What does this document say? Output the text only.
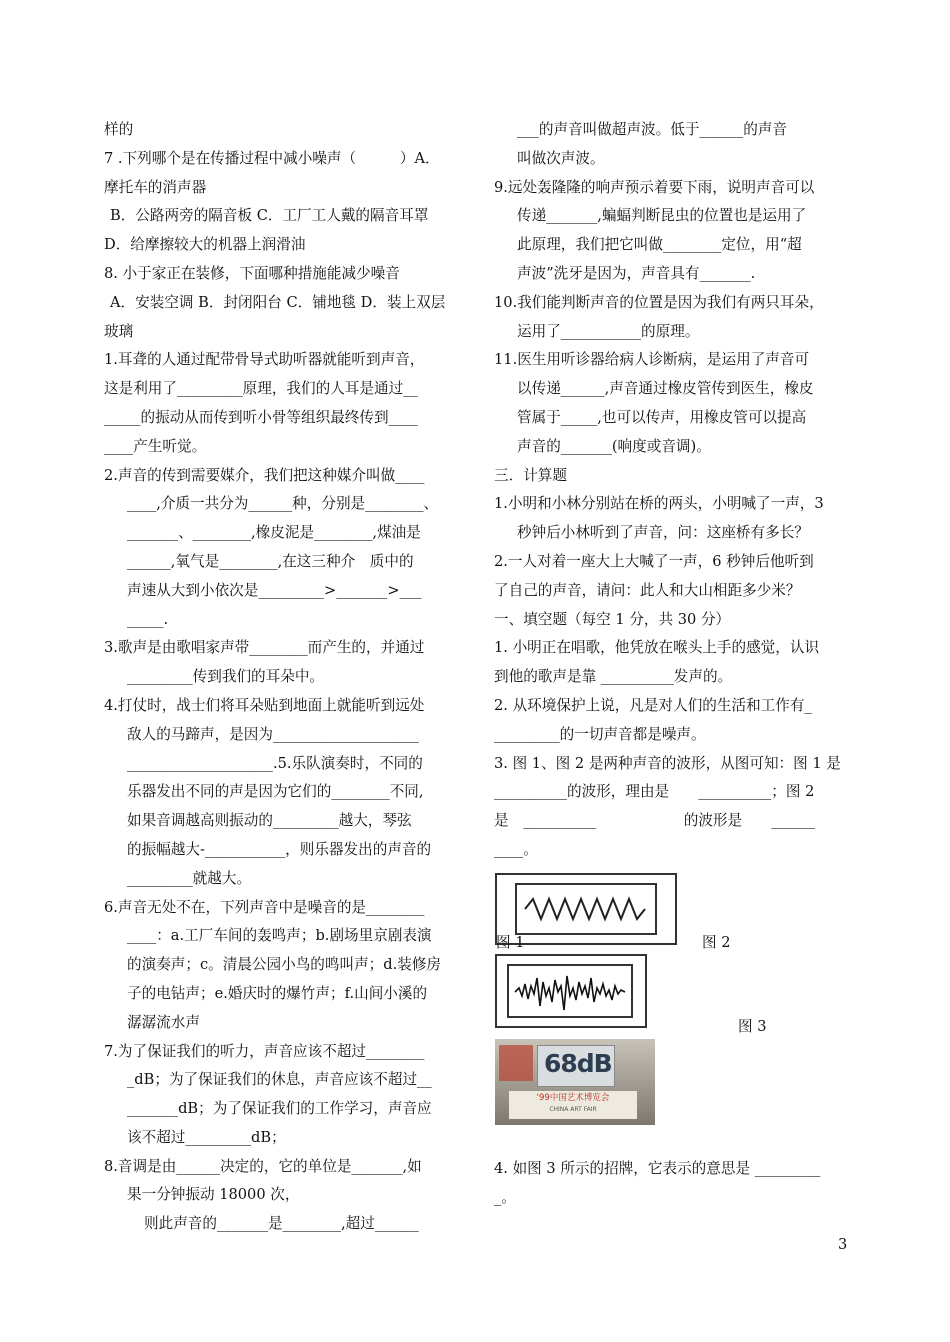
样的
7 .下列哪个是在传播过程中减小噪声（　　　）A．
摩托车的消声器
B．公路两旁的隔音板 C．工厂工人戴的隔音耳罩
D．给摩擦较大的机器上润滑油
8. 小于家正在装修，下面哪种措施能减少噪音
A．安装空调 B．封闭阳台 C．铺地毯 D．装上双层
玻璃
1.耳聋的人通过配带骨导式助听器就能听到声音，
这是利用了_________原理，我们的人耳是通过__
_____的振动从而传到听小骨等组织最终传到____
____产生听觉。
2.声音的传到需要媒介，我们把这种媒介叫做____
____,介质一共分为______种，分别是________、
_______、________,橡皮泥是________,煤油是
______,氧气是________,在这三种介　质中的
声速从大到小依次是_________>_______>___
_____.
3.歌声是由歌唱家声带________而产生的，并通过
_________传到我们的耳朵中。
4.打仗时，战士们将耳朵贴到地面上就能听到远处
敌人的马蹄声，是因为____________________
____________________.5.乐队演奏时，不同的
乐器发出不同的声是因为它们的________不同,
如果音调越高则振动的_________越大，琴弦
的振幅越大-___________，则乐器发出的声音的
_________就越大。
6.声音无处不在，下列声音中是噪音的是________
____：a.工厂车间的轰鸣声；b.剧场里京剧表演
的演奏声；c。清晨公园小鸟的鸣叫声；d.装修房
子的电钻声；e.婚庆时的爆竹声；f.山间小溪的
潺潺流水声
7.为了保证我们的听力，声音应该不超过________
_dB；为了保证我们的休息，声音应该不超过__
_______dB；为了保证我们的工作学习，声音应
该不超过_________dB；
8.音调是由______决定的，它的单位是_______,如
果一分钟振动 18000 次，
则此声音的_______是________,超过______
___的声音叫做超声波。低于______的声音
叫做次声波。
9.远处轰隆隆的响声预示着要下雨，说明声音可以
传递_______,蝙蝠判断昆虫的位置也是运用了
此原理，我们把它叫做________定位，用“超
声波”洗牙是因为，声音具有_______.
10.我们能判断声音的位置是因为我们有两只耳朵，
运用了___________的原理。
11.医生用听诊器给病人诊断病，是运用了声音可
以传递______,声音通过橡皮管传到医生，橡皮
管属于_____,也可以传声，用橡皮管可以提高
声音的_______(响度或音调)。
三．计算题
1.小明和小林分别站在桥的两头，小明喊了一声，3
秒钟后小林听到了声音，问：这座桥有多长？
2.一人对着一座大上大喊了一声，6 秒钟后他听到
了自己的声音，请问：此人和大山相距多少米？
一、填空题（每空 1 分，共 30 分）
1. 小明正在唱歌，他凭放在喉头上手的感觉，认识
到他的歌声是靠 __________发声的。
2. 从环境保护上说，凡是对人们的生活和工作有_
_________的一切声音都是噪声。
3. 图 1、图 2 是两种声音的波形，从图可知：图 1 是
__________的波形，理由是　　__________；图 2
是　__________　　　　　　的波形是　　______
____。
图 1	图 2
图 3
68dB
'99中国艺术博览会
CHINA ART FAIR
4. 如图 3 所示的招牌，它表示的意思是 _________
_。
3
